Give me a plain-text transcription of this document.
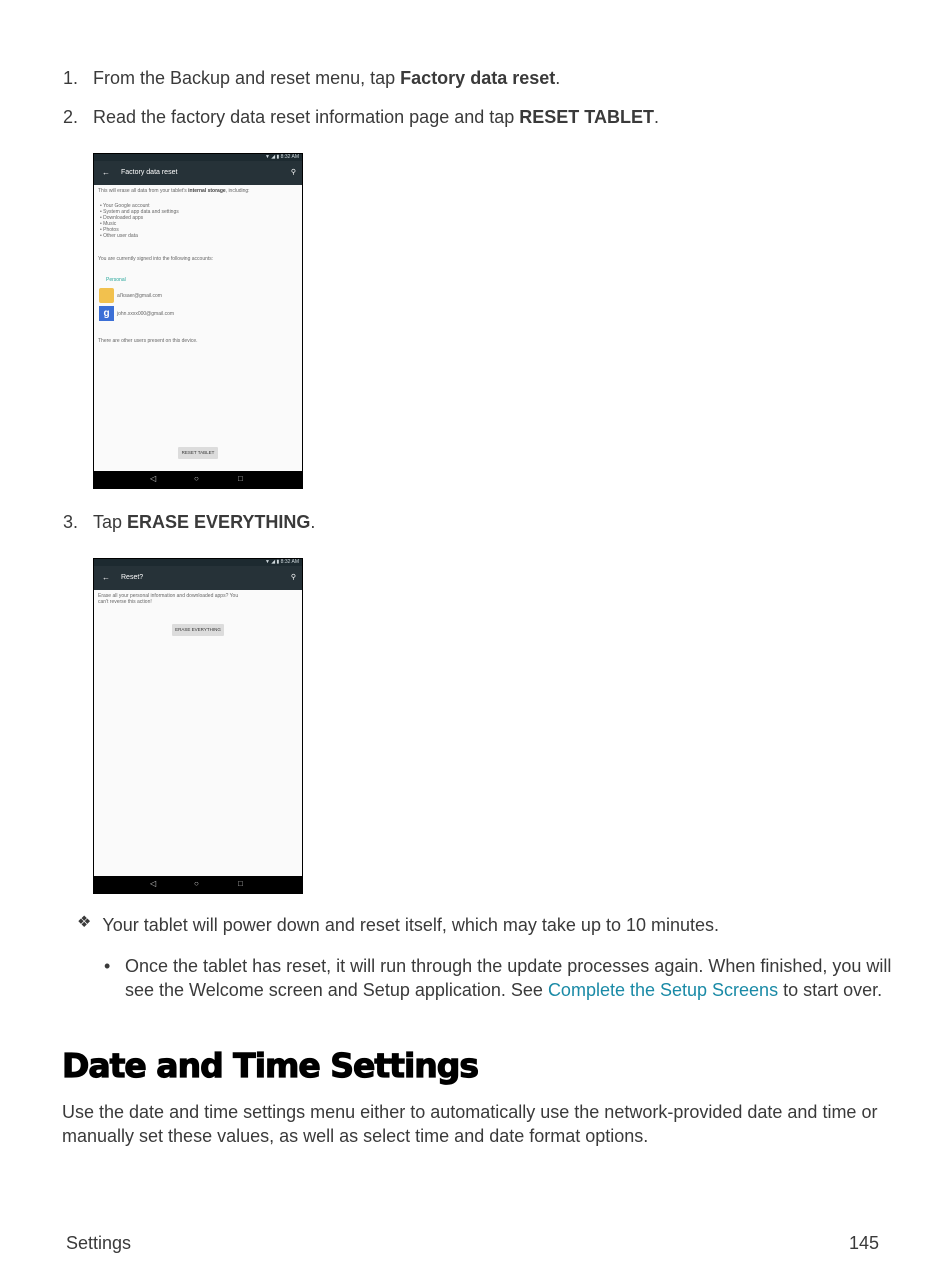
1. From the Backup and reset menu, tap Factory data reset.
2. Read the factory data reset information page and tap RESET TABLET.
▼ ◢ ▮ 8:32 AM
← Factory data reset	⚲
This will erase all data from your tablet's internal storage, including:
• Your Google account
• System and app data and settings
• Downloaded apps
• Music
• Photos
• Other user data
You are currently signed into the following accounts:
Personal
al'ksaer@gmail.com
g	john.xxxx000@gmail.com
There are other users present on this device.
RESET TABLET
◁	○	□
3. Tap ERASE EVERYTHING.
▼ ◢ ▮ 8:32 AM
← Reset?	⚲
Erase all your personal information and downloaded apps? You
can't reverse this action!
ERASE EVERYTHING
◁	○	□
❖ Your tablet will power down and reset itself, which may take up to 10 minutes.
• Once the tablet has reset, it will run through the update processes again. When finished, you will see the Welcome screen and Setup application. See Complete the Setup Screens to start over.
Date and Time Settings
Use the date and time settings menu either to automatically use the network-provided date and time or manually set these values, as well as select time and date format options.
Settings	145
